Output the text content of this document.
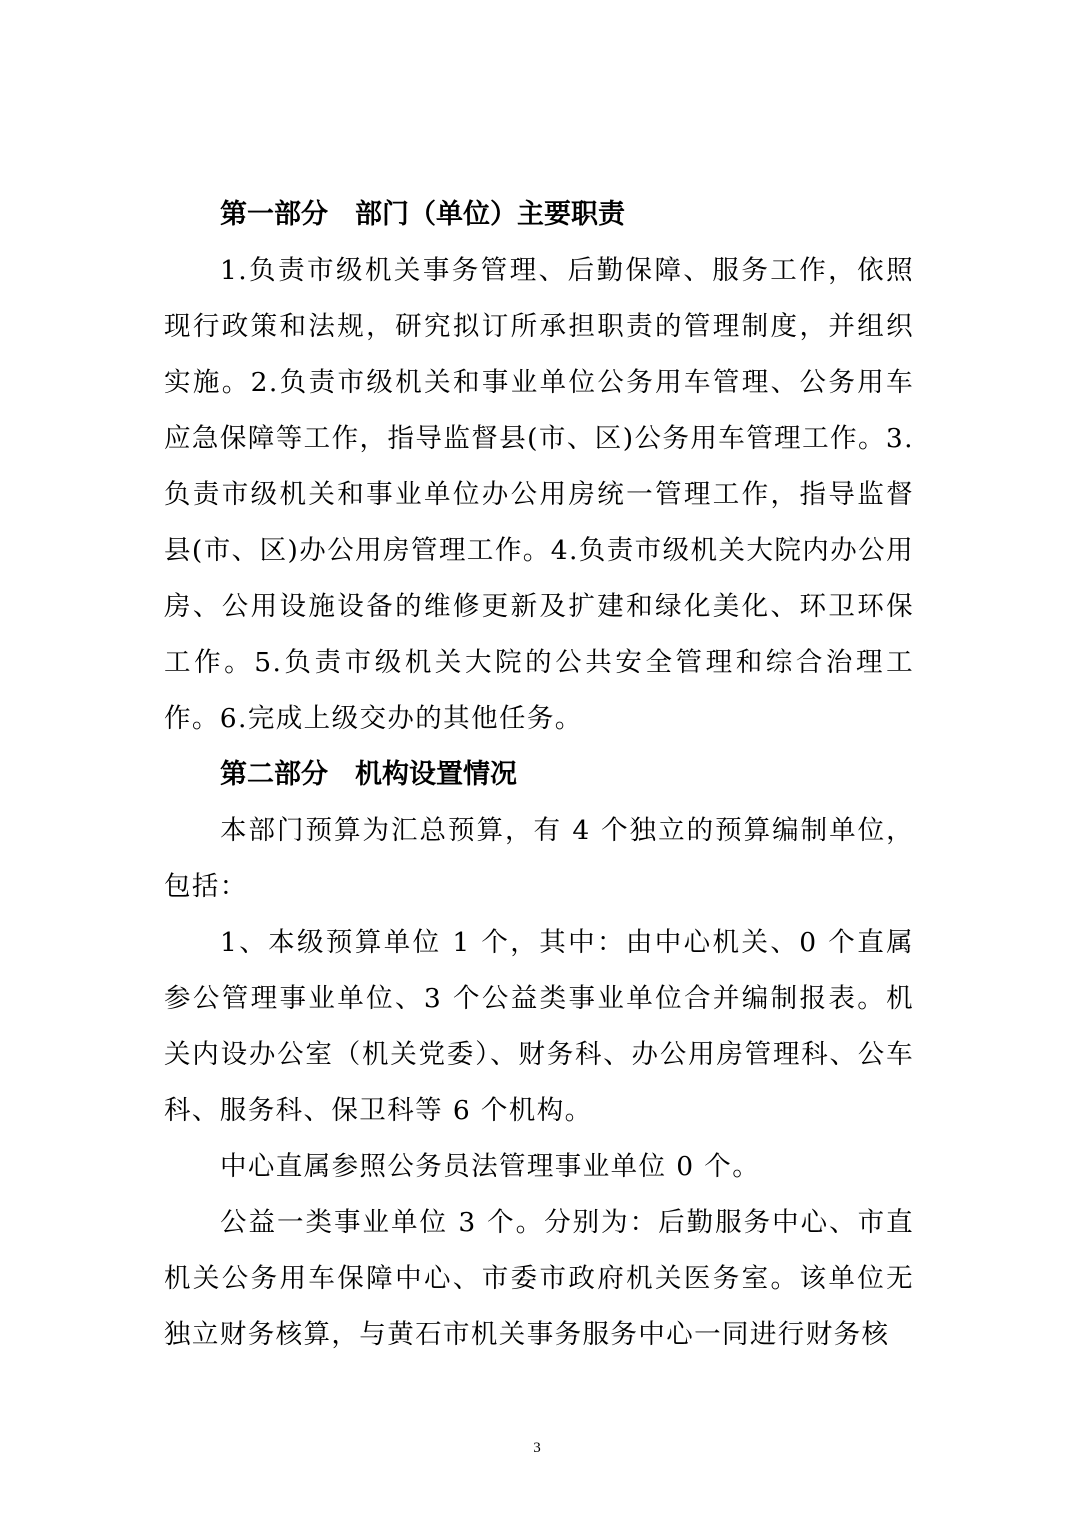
第一部分　部门（单位）主要职责

1.负责市级机关事务管理、后勤保障、服务工作，依照现行政策和法规，研究拟订所承担职责的管理制度，并组织实施。2.负责市级机关和事业单位公务用车管理、公务用车应急保障等工作，指导监督县(市、区)公务用车管理工作。3.负责市级机关和事业单位办公用房统一管理工作，指导监督县(市、区)办公用房管理工作。4.负责市级机关大院内办公用房、公用设施设备的维修更新及扩建和绿化美化、环卫环保工作。5.负责市级机关大院的公共安全管理和综合治理工作。6.完成上级交办的其他任务。

第二部分　机构设置情况

本部门预算为汇总预算，有 4 个独立的预算编制单位，包括：

1、本级预算单位 1 个，其中：由中心机关、0 个直属参公管理事业单位、3 个公益类事业单位合并编制报表。机关内设办公室（机关党委）、财务科、办公用房管理科、公车科、服务科、保卫科等 6 个机构。

中心直属参照公务员法管理事业单位 0 个。

公益一类事业单位 3 个。分别为：后勤服务中心、市直机关公务用车保障中心、市委市政府机关医务室。该单位无独立财务核算，与黄石市机关事务服务中心一同进行财务核

3
